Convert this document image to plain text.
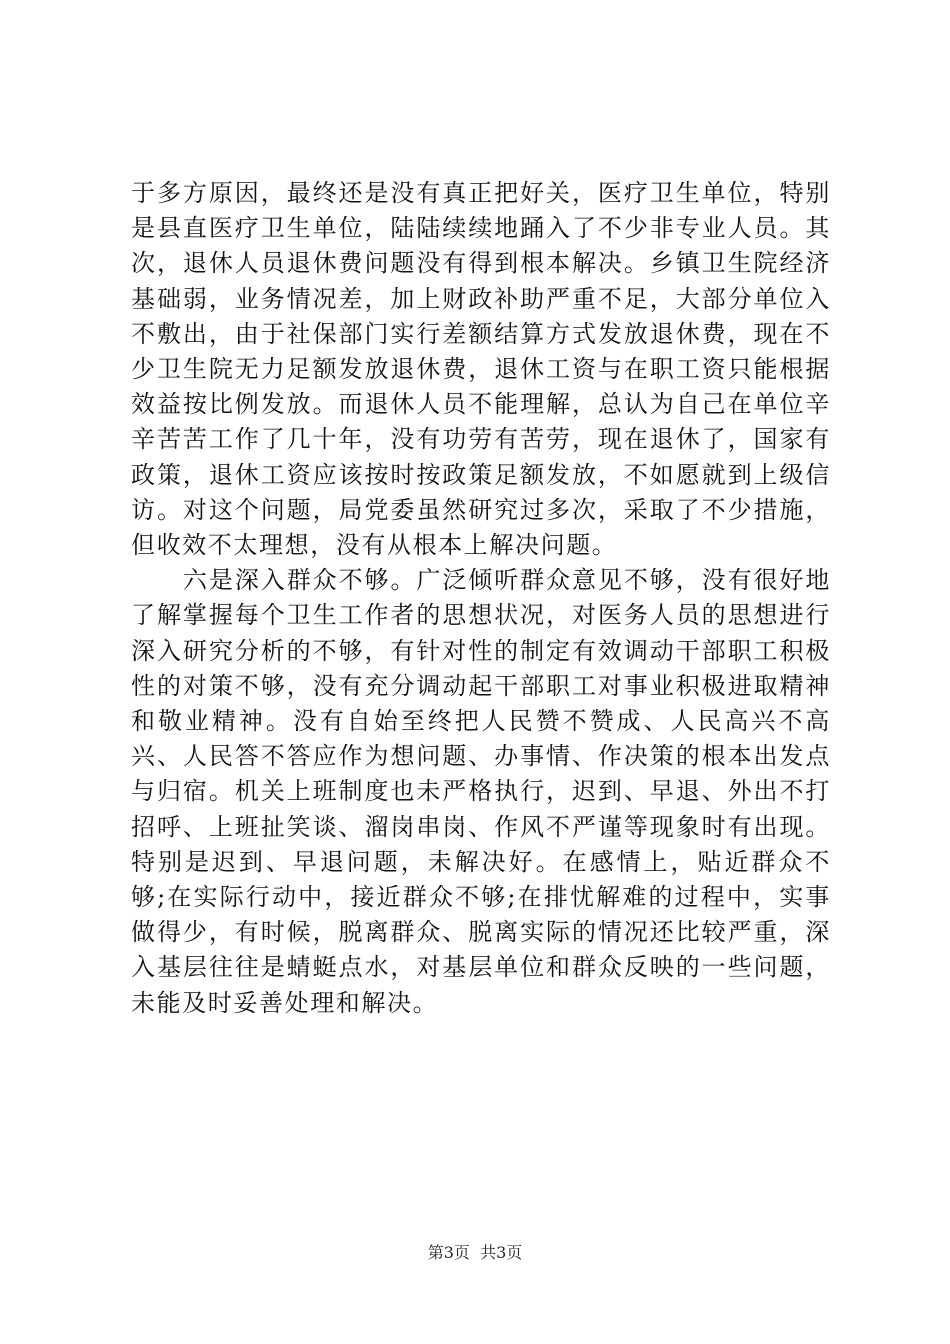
于多方原因，最终还是没有真正把好关，医疗卫生单位，特别是县直医疗卫生单位，陆陆续续地踊入了不少非专业人员。其次，退休人员退休费问题没有得到根本解决。乡镇卫生院经济基础弱，业务情况差，加上财政补助严重不足，大部分单位入不敷出，由于社保部门实行差额结算方式发放退休费，现在不少卫生院无力足额发放退休费，退休工资与在职工资只能根据效益按比例发放。而退休人员不能理解，总认为自己在单位辛辛苦苦工作了几十年，没有功劳有苦劳，现在退休了，国家有政策，退休工资应该按时按政策足额发放，不如愿就到上级信访。对这个问题，局党委虽然研究过多次，采取了不少措施，但收效不太理想，没有从根本上解决问题。

六是深入群众不够。广泛倾听群众意见不够，没有很好地了解掌握每个卫生工作者的思想状况，对医务人员的思想进行深入研究分析的不够，有针对性的制定有效调动干部职工积极性的对策不够，没有充分调动起干部职工对事业积极进取精神和敬业精神。没有自始至终把人民赞不赞成、人民高兴不高兴、人民答不答应作为想问题、办事情、作决策的根本出发点与归宿。机关上班制度也未严格执行，迟到、早退、外出不打招呼、上班扯笑谈、溜岗串岗、作风不严谨等现象时有出现。特别是迟到、早退问题，未解决好。在感情上，贴近群众不够;在实际行动中，接近群众不够;在排忧解难的过程中，实事做得少，有时候，脱离群众、脱离实际的情况还比较严重，深入基层往往是蜻蜓点水，对基层单位和群众反映的一些问题，未能及时妥善处理和解决。

第3页  共3页
